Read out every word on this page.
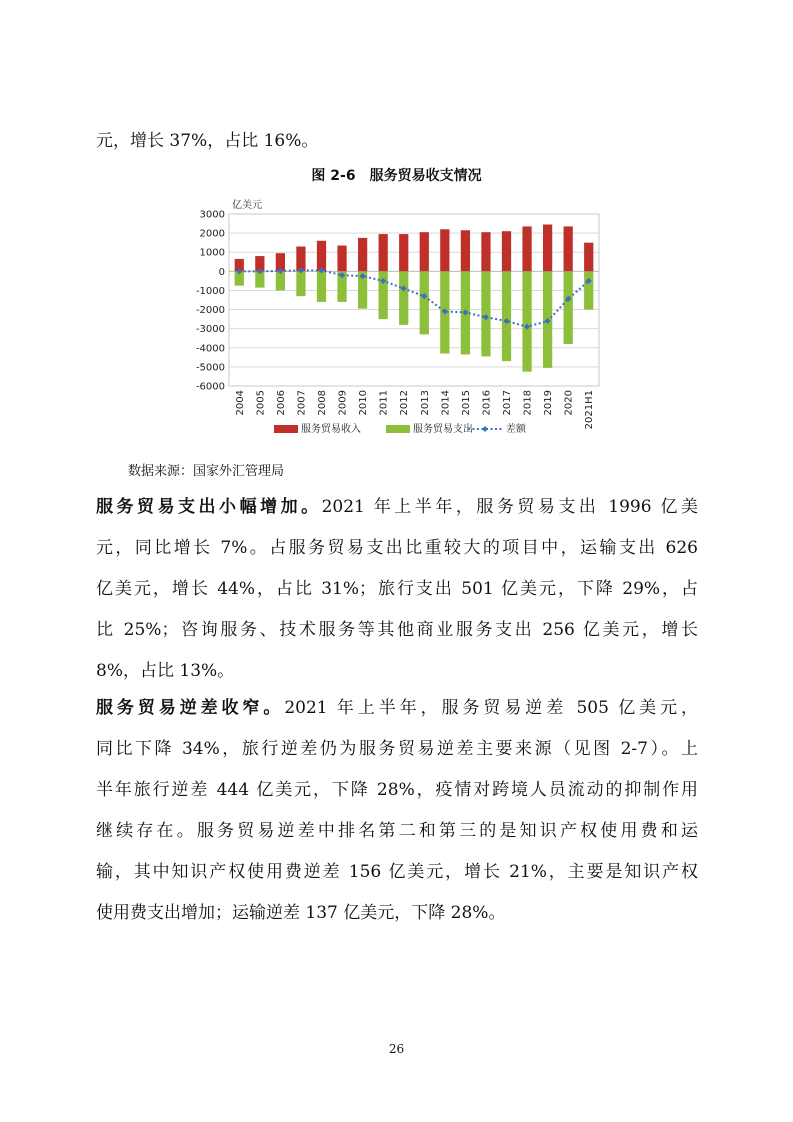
元，增长 37%，占比 16%。
图 2-6　服务贸易收支情况
亿美元
3000
2000
1000
0
-1000
-2000
-3000
-4000
-5000
-6000
2004 2005 2006 2007 2008 2009 2010 2011 2012 2013 2014 2015 2016 2017 2018 2019 2020 2021H1
服务贸易收入	服务贸易支出	差额
数据来源：国家外汇管理局
服务贸易支出小幅增加。2021 年上半年，服务贸易支出 1996 亿美
元，同比增长 7%。占服务贸易支出比重较大的项目中，运输支出 626
亿美元，增长 44%，占比 31%；旅行支出 501 亿美元，下降 29%，占
比 25%；咨询服务、技术服务等其他商业服务支出 256 亿美元，增长
8%，占比 13%。
服务贸易逆差收窄。2021 年上半年，服务贸易逆差 505 亿美元，
同比下降 34%，旅行逆差仍为服务贸易逆差主要来源（见图 2-7）。上
半年旅行逆差 444 亿美元，下降 28%，疫情对跨境人员流动的抑制作用
继续存在。服务贸易逆差中排名第二和第三的是知识产权使用费和运
输，其中知识产权使用费逆差 156 亿美元，增长 21%，主要是知识产权
使用费支出增加；运输逆差 137 亿美元，下降 28%。
26
